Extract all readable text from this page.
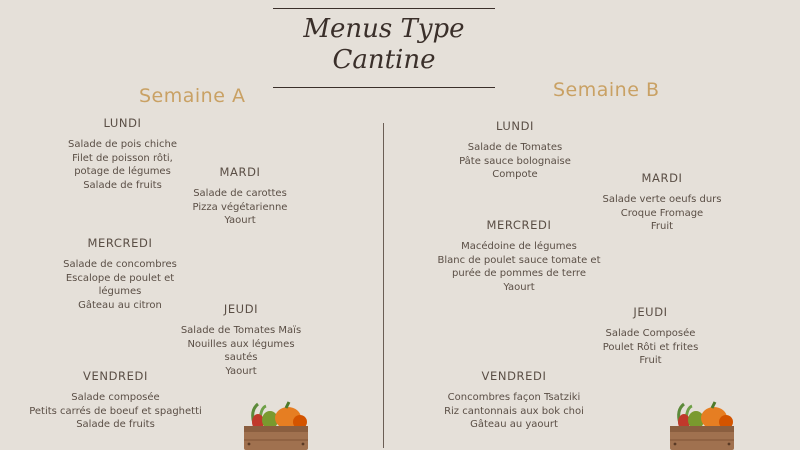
Menus Type
Cantine
Semaine A	Semaine B
LUNDI
Salade de pois chiche
Filet de poisson rôti,
potage de légumes
Salade de fruits
MARDI
Salade de carottes
Pizza végétarienne
Yaourt
MERCREDI
Salade de concombres
Escalope de poulet et
légumes
Gâteau au citron	JEUDI
Salade de Tomates Maïs
Nouilles aux légumes
sautés
Yaourt
VENDREDI
Salade composée
Petits carrés de boeuf et spaghetti
Salade de fruits
LUNDI
Salade de Tomates
Pâte sauce bolognaise
Compote	MARDI
Salade verte oeufs durs
Croque Fromage
Fruit
MERCREDI
Macédoine de légumes
Blanc de poulet sauce tomate et
purée de pommes de terre
Yaourt
JEUDI
Salade Composée
Poulet Rôti et frites
Fruit
VENDREDI
Concombres façon Tsatziki
Riz cantonnais aux bok choi
Gâteau au yaourt
